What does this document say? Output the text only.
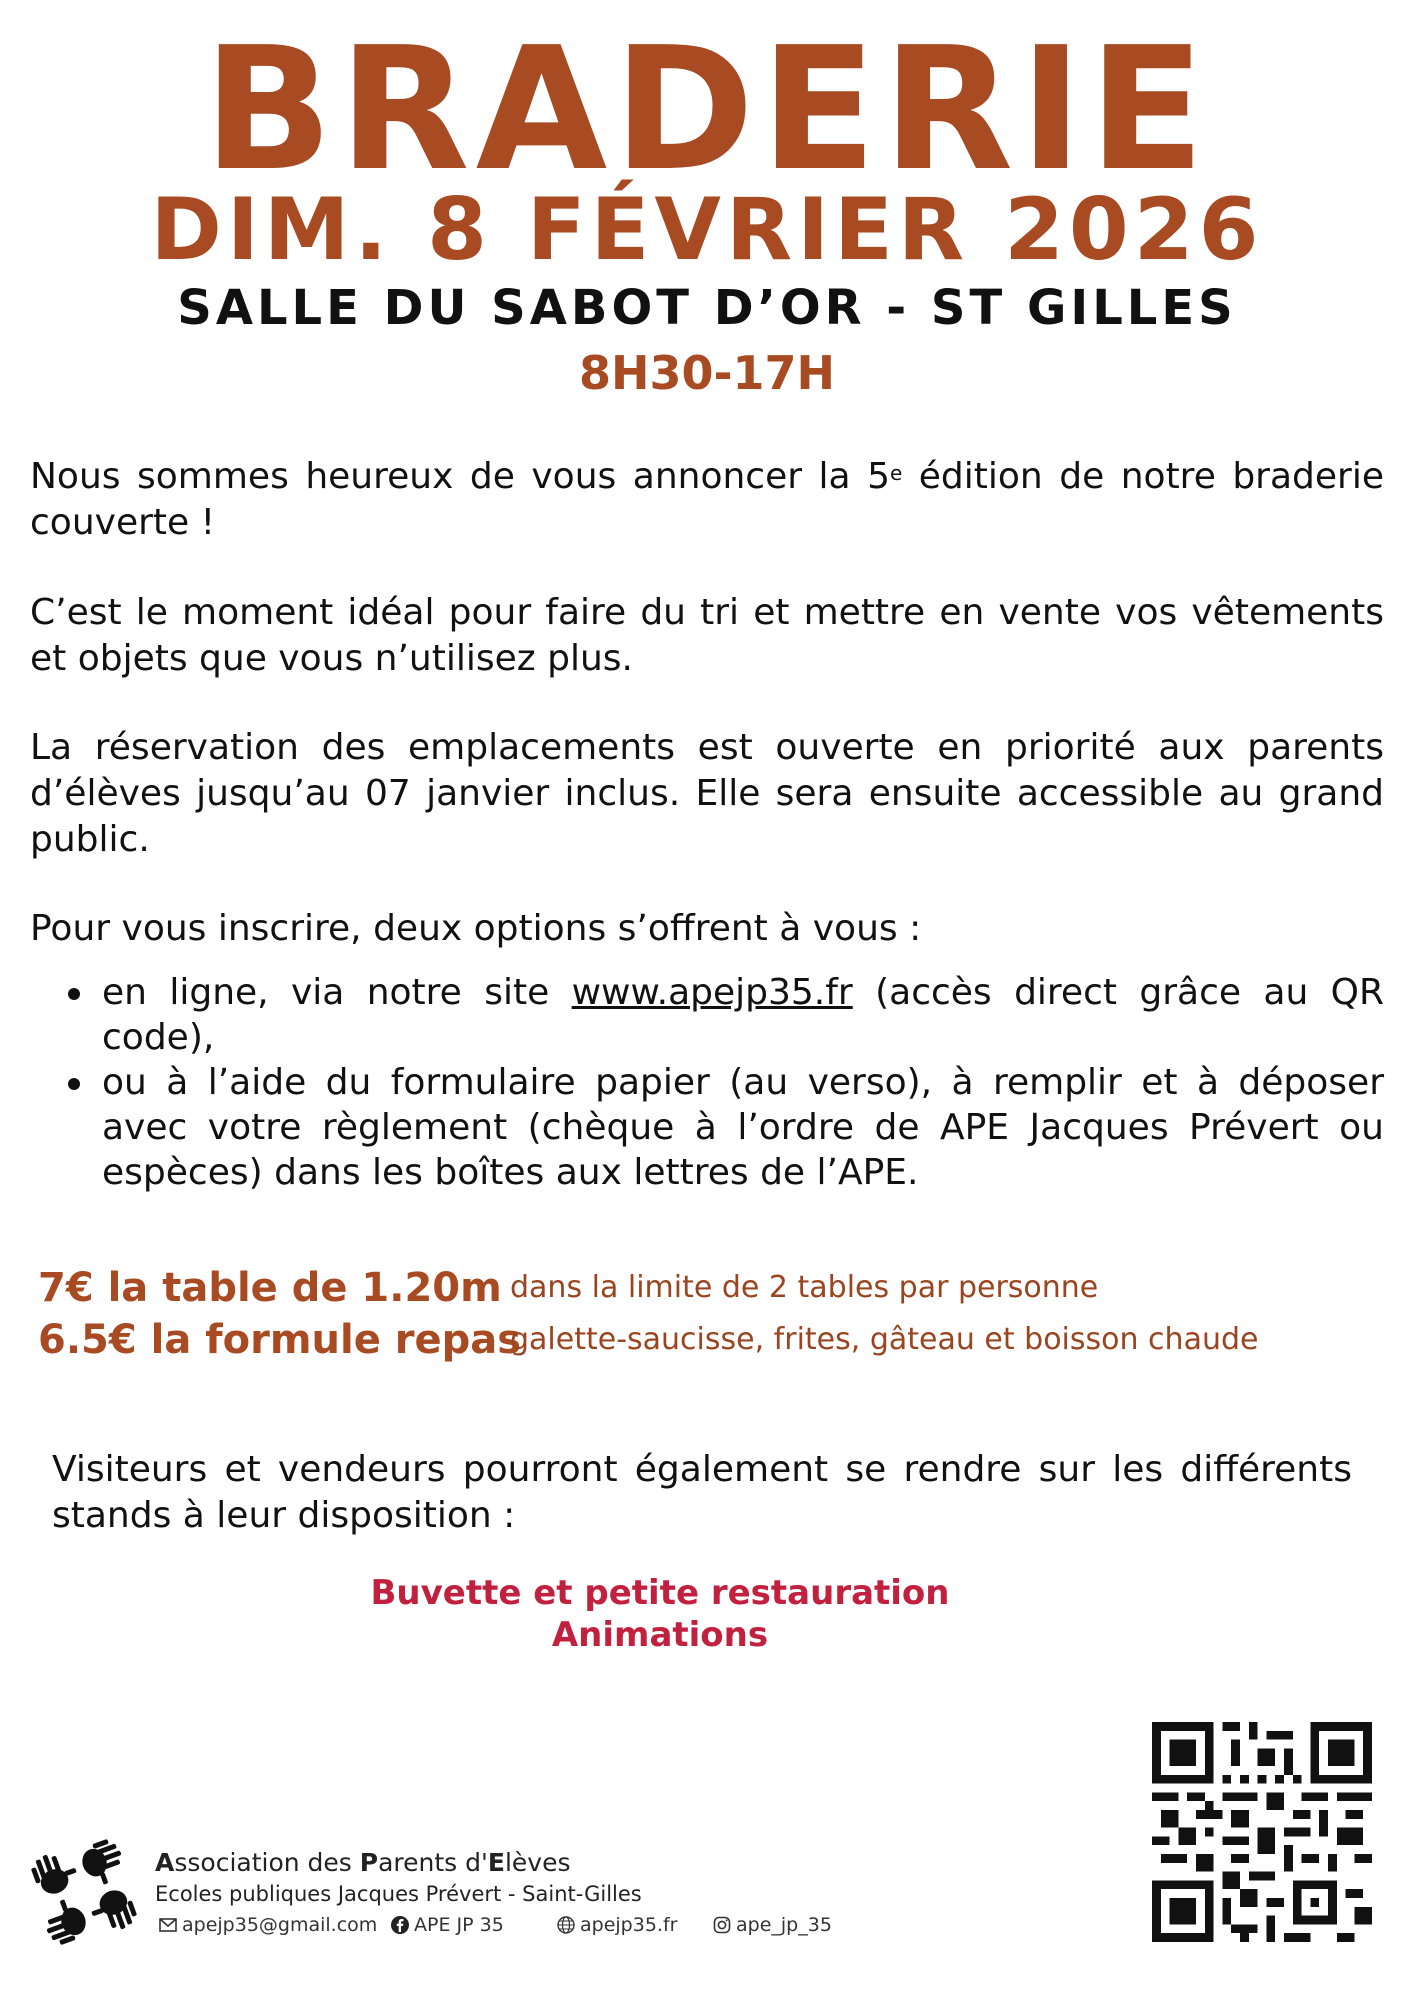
BRADERIE
DIM. 8 FÉVRIER 2026
SALLE DU SABOT D’OR - ST GILLES
8H30-17H
Nous sommes heureux de vous annoncer la 5e édition de notre braderie couverte !
C’est le moment idéal pour faire du tri et mettre en vente vos vêtements et objets que vous n’utilisez plus.
La réservation des emplacements est ouverte en priorité aux parents d’élèves jusqu’au 07 janvier inclus. Elle sera ensuite accessible au grand public.
Pour vous inscrire, deux options s’offrent à vous :
en ligne, via notre site www.apejp35.fr (accès direct grâce au QR code),
ou à l’aide du formulaire papier (au verso), à remplir et à déposer avec votre règlement (chèque à l’ordre de APE Jacques Prévert ou espèces) dans les boîtes aux lettres de l’APE.
7€ la table de 1.20m dans la limite de 2 tables par personne
6.5€ la formule repas
galette-saucisse, frites, gâteau et boisson chaude
Visiteurs et vendeurs pourront également se rendre sur les différents stands à leur disposition :
Buvette et petite restauration
Animations
Association des Parents d'Elèves
Ecoles publiques Jacques Prévert - Saint-Gilles
apejp35@gmail.com APE JP 35	apejp35.fr	ape_jp_35
